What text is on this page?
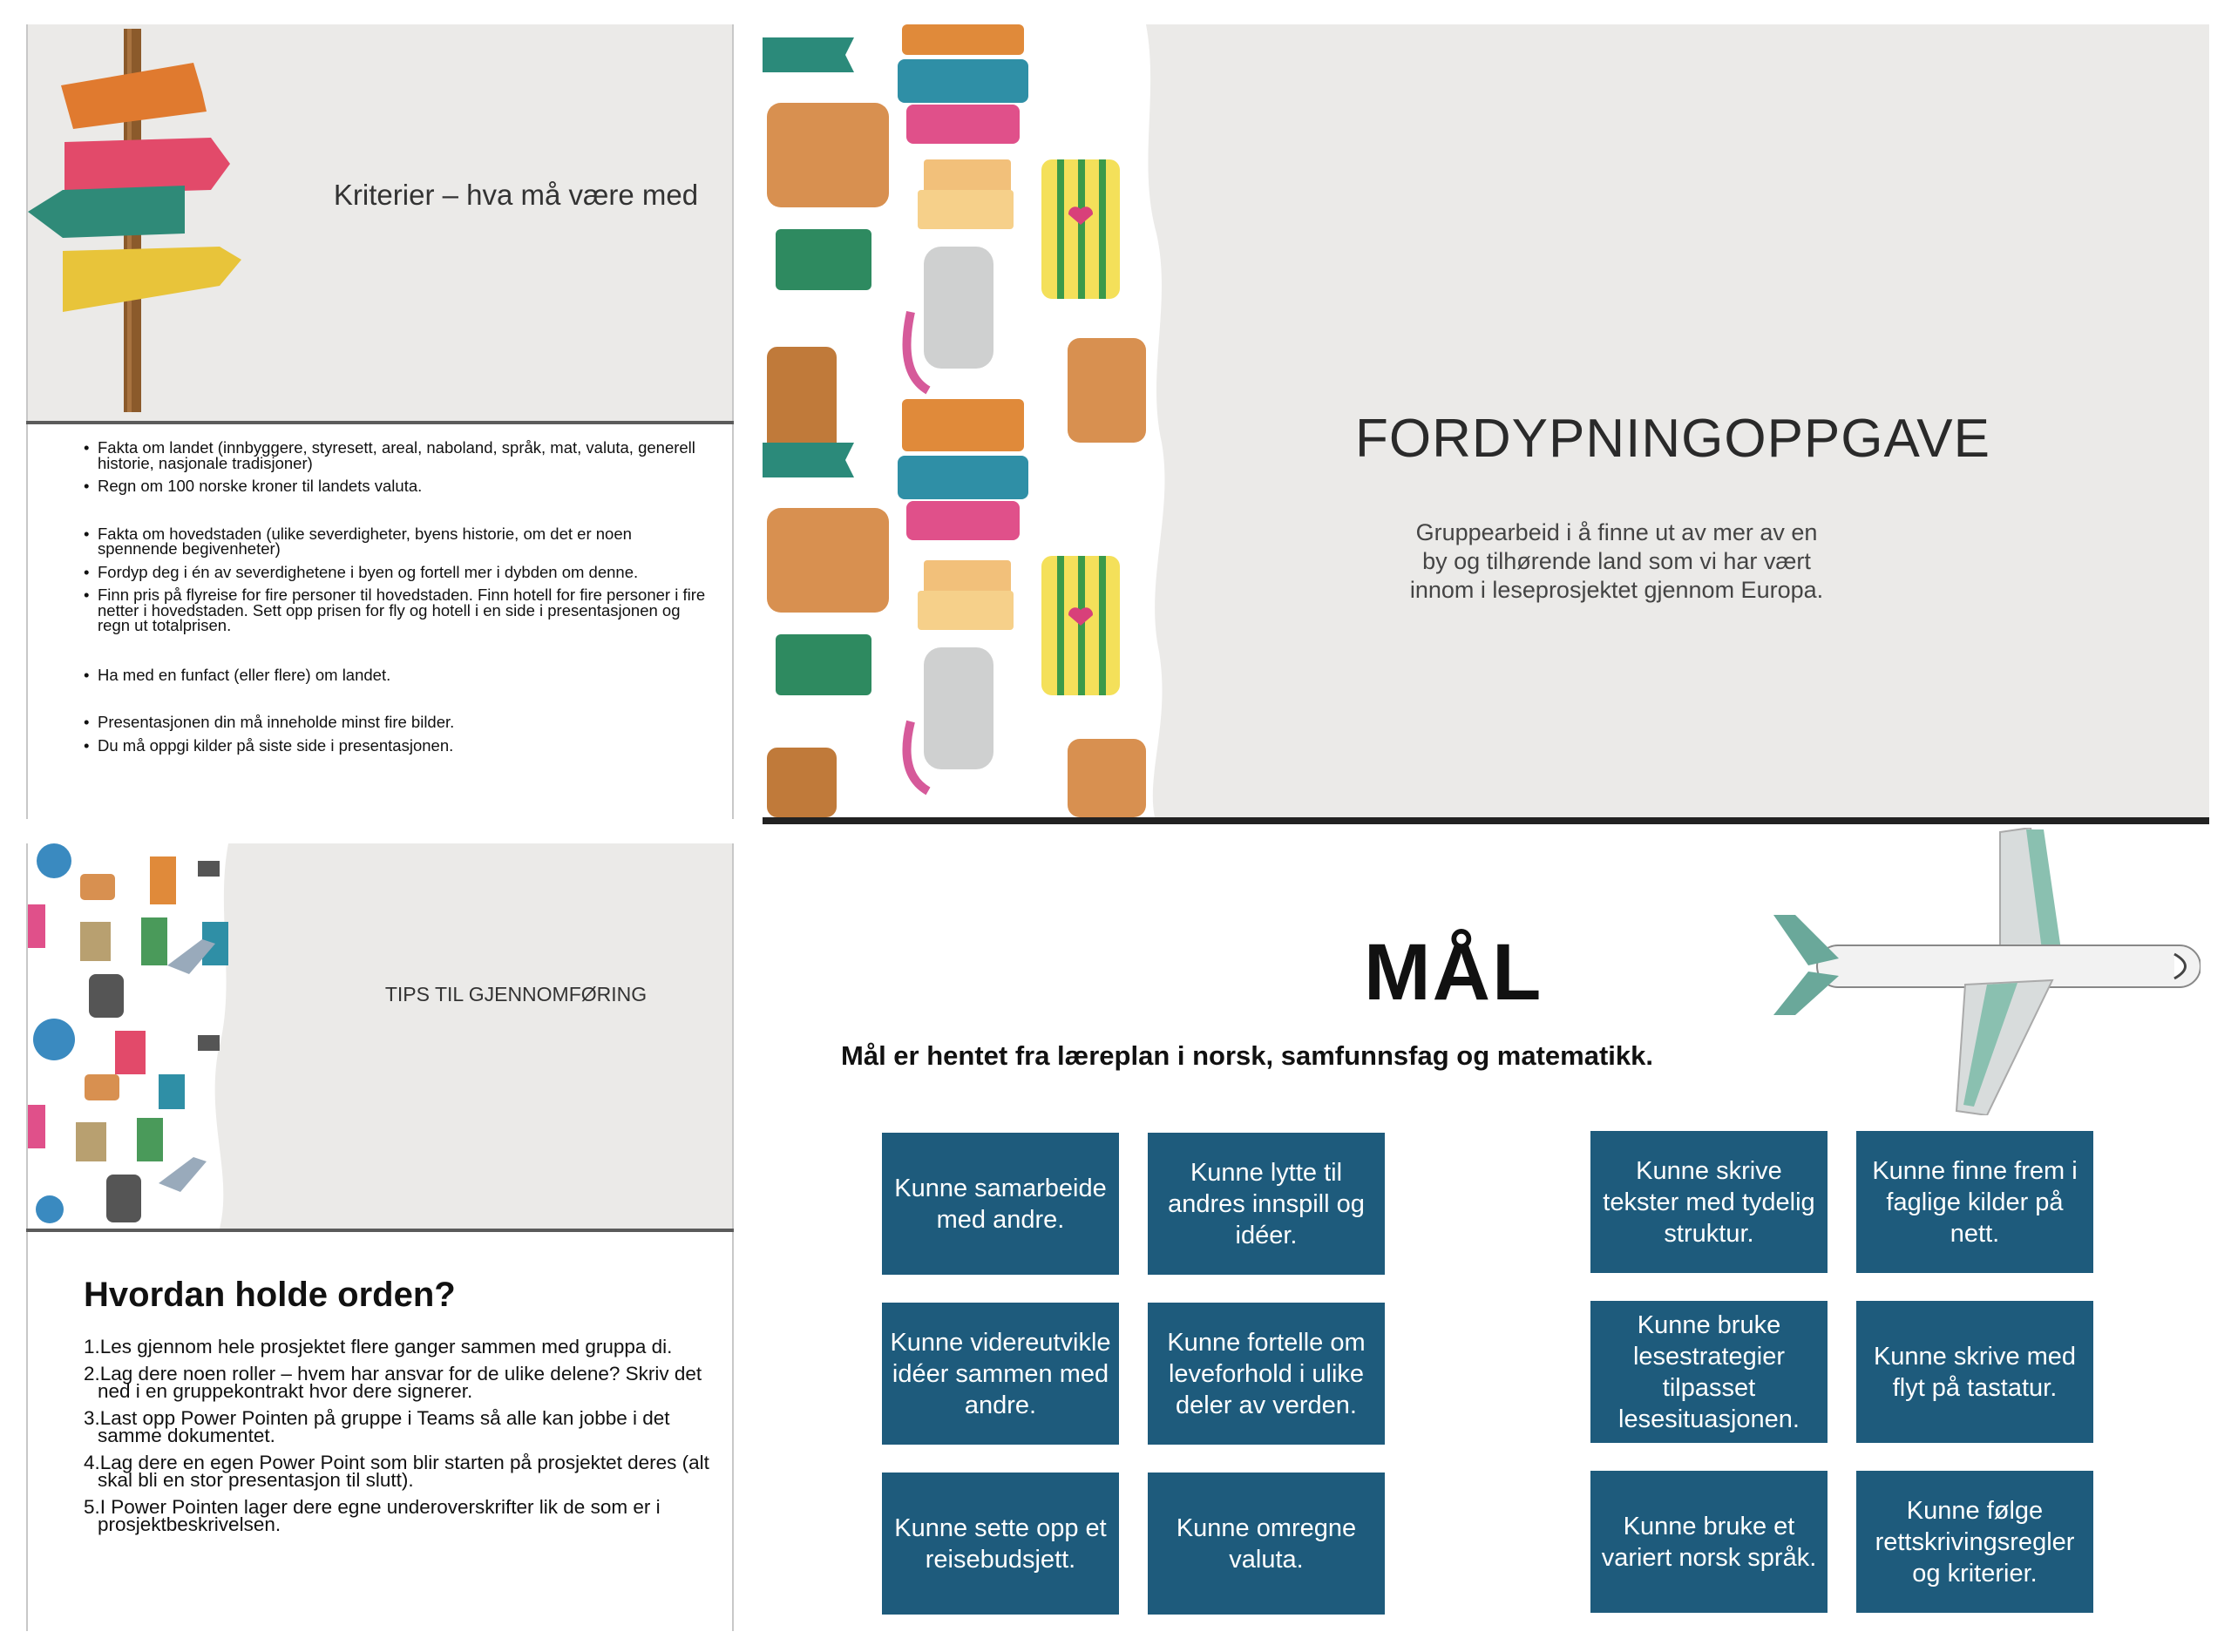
Kriterier – hva må være med
• Fakta om landet (innbyggere, styresett, areal, naboland, språk, mat, valuta, generell historie, nasjonale tradisjoner)
• Regn om 100 norske kroner til landets valuta.
• Fakta om hovedstaden (ulike severdigheter, byens historie, om det er noen spennende begivenheter)
• Fordyp deg i én av severdighetene i byen og fortell mer i dybden om denne.
• Finn pris på flyreise for fire personer til hovedstaden. Finn hotell for fire personer i fire netter i hovedstaden. Sett opp prisen for fly og hotell i en side i presentasjonen og regn ut totalprisen.
• Ha med en funfact (eller flere) om landet.
• Presentasjonen din må inneholde minst fire bilder.
• Du må oppgi kilder på siste side i presentasjonen.
FORDYPNINGOPPGAVE
Gruppearbeid i å finne ut av mer av en by og tilhørende land som vi har vært innom i leseprosjektet gjennom Europa.
TIPS TIL GJENNOMFØRING
Hvordan holde orden?
1.Les gjennom hele prosjektet flere ganger sammen med gruppa di.
2.Lag dere noen roller – hvem har ansvar for de ulike delene? Skriv det ned i en gruppekontrakt hvor dere signerer.
3.Last opp Power Pointen på gruppe i Teams så alle kan jobbe i det samme dokumentet.
4.Lag dere en egen Power Point som blir starten på prosjektet deres (alt skal bli en stor presentasjon til slutt).
5.I Power Pointen lager dere egne underoverskrifter lik de som er i prosjektbeskrivelsen.
MÅL
Mål er hentet fra læreplan i norsk, samfunnsfag og matematikk.
Kunne samarbeide med andre.
Kunne lytte til andres innspill og idéer.
Kunne skrive tekster med tydelig struktur.
Kunne finne frem i faglige kilder på nett.
Kunne videreutvikle idéer sammen med andre.
Kunne fortelle om leveforhold i ulike deler av verden.
Kunne bruke lesestrategier tilpasset lesesituasjonen.
Kunne skrive med flyt på tastatur.
Kunne sette opp et reisebudsjett.
Kunne omregne valuta.
Kunne bruke et variert norsk språk.
Kunne følge rettskrivingsregler og kriterier.
